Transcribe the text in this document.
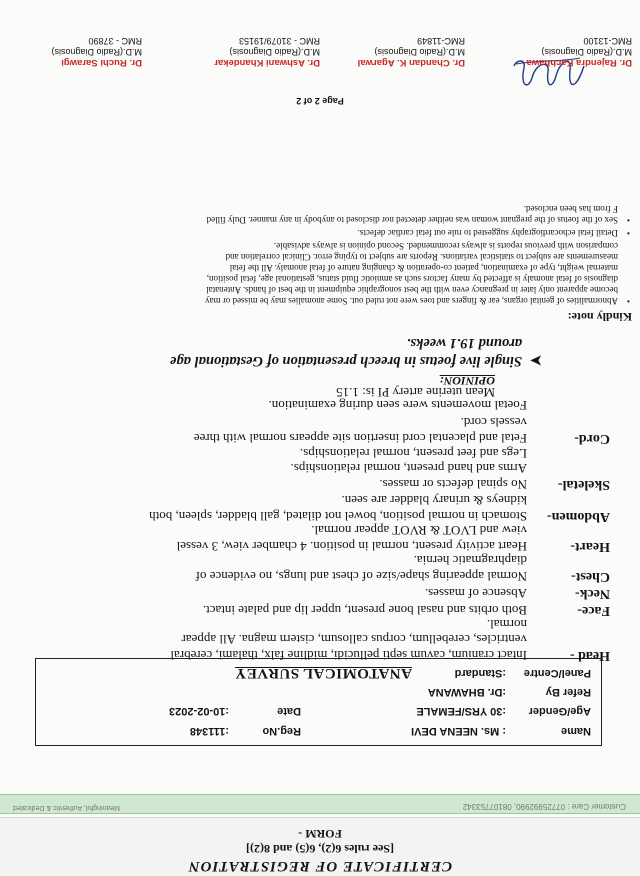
CERTIFICATE OF REGISTRATION
[See rules 6(2), 6(5) and 8(2)]
FORM -
Customer Care : 07725992990, 08107753342
Meaningful, Authentic & Dedicated
Name
: Ms. NEENA DEVI
Reg.No
:111348
Age/Gender
:30 YRS/FEMALE
Date
:10-02-2023
Refer By
:Dr. BHAWANA
Panel/Centre
:Standard
ANATOMICAL SURVEY
Head -
Intact cranium, cavum septi pellucidi, midline falx, thalami, cerebral
ventricles, cerebellum, corpus callosum, cistern magna. All appear
normal.
Face-
Both orbits and nasal bone present, upper lip and palate intact.
Neck-
Absence of masses.
Chest-
Normal appearing shape/size of chest and lungs, no evidence of
diaphragmatic hernia.
Heart-
Heart activity present, normal in position. 4 chamber view, 3 vessel
view and LVOT & RVOT appear normal.
Abdomen-
Stomach in normal position, bowel not dilated, gall bladder, spleen, both
kidneys & urinary bladder are seen.
Skeletal-
No spinal defects or masses.
Arms and hand present, normal relationships.
Legs and feet present, normal relationships.
Cord-
Fetal and placental cord insertion site appears normal with three
vessels cord.
Foetal movements were seen during examination.
OPINION:
Mean uterine artery PI is: 1.15
➤
Single live foetus in breech presentation of Gestational age
around 19.1 weeks.
Kindly note:
•
Abnormalities of genital organs, ear & fingers and toes were not ruled out. Some anomalies may be missed or may
become apparent only later in pregnancy even with the best sonographic equipment in the best of hands. Antenatal
diagnosis of fetal anomaly is affected by many factors such as amniotic fluid status, gestational age, fetal position,
maternal weight, type of examination, patient co-operation & changing nature of fetal anomaly. All the fetal
measurements are subject to statistical variations. Reports are subject to typing error. Clinical correlation and
comparison with previous reports is always recommended. Second opinion is always advisable.
•
Detail fetal echocardiography suggested to rule out fetal cardiac defects.
•
Sex of the foetus of the pregnant woman was neither detected nor disclosed to anybody in any manner. Duly filled
F from has been enclosed.
Page 2 of 2
Dr. Rajendra Kachhawa
M.D.(Radio Diagnosis)
RMC-13100
Dr. Chandan K. Agarwal
M.D.(Radio Diagnosis)
RMC-11849
Dr. Ashwani Khandekar
M.D.(Radio Diagnosis)
RMC - 31079/19153
Dr. Ruchi Sarawgi
M.D.(Radio Diagnosis)
RMC - 37890
